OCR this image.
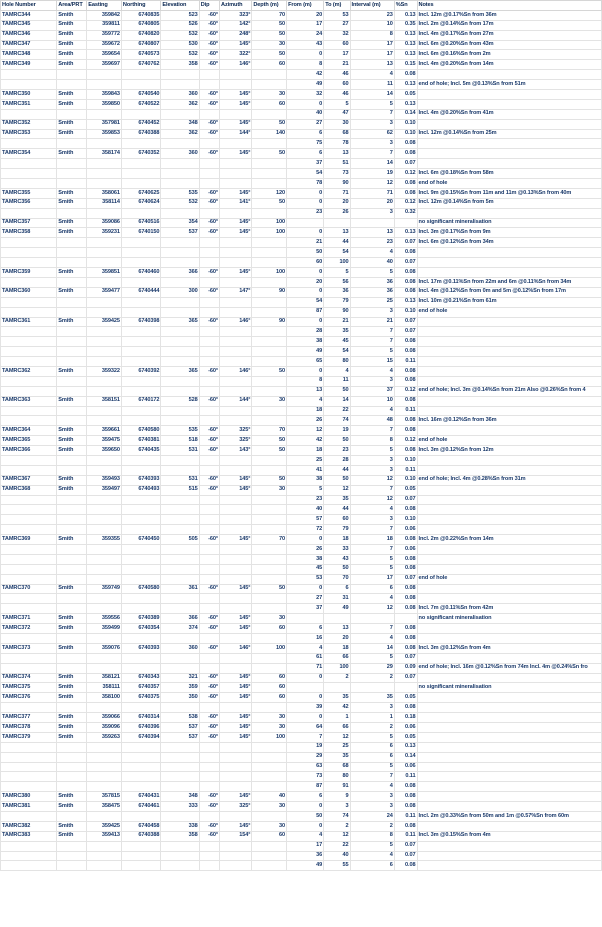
Hole Number	Area/PRT	Easting	Northing	Elevation	Dip	Azimuth	Depth (m)	From (m)	To (m)	Interval (m)	%Sn	Notes
TAMRC344	Smith	359842	6740835	523	-60°	323°	70	20	53	23	0.13	Incl. 12m @0.17%Sn from 36m
TAMRC345	Smith	359811	6740805	526	-60°	142°	50	17	27	10	0.35	Incl. 2m @0.14%Sn from 17m
TAMRC346	Smith	359772	6740820	532	-60°	248°	50	24	32	8	0.13	Incl. 4m @0.17%Sn from 27m
TAMRC347	Smith	359672	6740807	530	-60°	145°	30	43	60	17	0.13	Incl. 6m @0.20%Sn from 43m
TAMRC348	Smith	359654	6740573	532	-60°	322°	50	0	17	17	0.13	Incl. 6m @0.16%Sn from 2m
TAMRC349	Smith	359697	6740762	358	-60°	146°	60	8	21	13	0.15	Incl. 4m @0.20%Sn from 14m
								42	46	4	0.08	
								49	60	11	0.13	end of hole; Incl. 5m @0.13%Sn from 51m
TAMRC350	Smith	359843	6740540	360	-60°	145°	30	32	46	14	0.05	
TAMRC351	Smith	359850	6740522	362	-60°	145°	60	0	5	5	0.13	
								40	47	7	0.14	Incl. 4m @0.20%Sn from 41m
TAMRC352	Smith	357981	6740452	348	-60°	145°	50	27	30	3	0.10	
TAMRC353	Smith	359853	6740388	362	-60°	144°	140	6	68	62	0.10	Incl. 12m @0.14%Sn from 25m
								75	78	3	0.08	
TAMRC354	Smith	358174	6740352	360	-60°	145°	50	6	13	7	0.08	
								37	51	14	0.07	
								54	73	19	0.12	Incl. 6m @0.18%Sn from 58m
								78	90	12	0.08	end of hole
TAMRC355	Smith	358061	6740625	535	-60°	145°	120	0	71	71	0.08	Incl. 9m @0.15%Sn from 11m and 11m @0.13%Sn from 40m
TAMRC356	Smith	358114	6740624	532	-60°	141°	50	0	20	20	0.12	Incl. 12m @0.14%Sn from 5m
								23	26	3	0.32	
TAMRC357	Smith	359086	6740516	354	-60°	145°	100					no significant mineralisation
TAMRC358	Smith	359231	6740150	537	-60°	145°	100	0	13	13	0.13	Incl. 3m @0.17%Sn from 9m
								21	44	23	0.07	Incl. 6m @0.12%Sn from 34m
								50	54	4	0.08	
								60	100	40	0.07	
TAMRC359	Smith	359851	6740460	366	-60°	145°	100	0	5	5	0.08	
								20	56	36	0.08	Incl. 17m @0.11%Sn from 22m and 6m @0.11%Sn from 34m
TAMRC360	Smith	359477	6740444	300	-60°	147°	90	0	36	36	0.08	Incl. 4m @0.12%Sn from 0m and 5m @0.12%Sn from 17m
								54	79	25	0.13	Incl. 10m @0.21%Sn from 61m
								87	90	3	0.10	end of hole
TAMRC361	Smith	359425	6740398	365	-60°	146°	90	0	21	21	0.07	
								28	35	7	0.07	
								38	45	7	0.08	
								49	54	5	0.08	
								65	80	15	0.11	
TAMRC362	Smith	359322	6740392	365	-60°	146°	50	0	4	4	0.08	
								8	11	3	0.08	
								13	50	37	0.12	end of hole; Incl. 3m @0.14%Sn from 21m Also @0.26%Sn from 4
TAMRC363	Smith	358151	6740172	528	-60°	144°	30	4	14	10	0.08	
								18	22	4	0.11	
								26	74	48	0.08	Incl. 16m @0.12%Sn from 36m
TAMRC364	Smith	359661	6740580	535	-60°	325°	70	12	19	7	0.08	
TAMRC365	Smith	359475	6740381	518	-60°	325°	50	42	50	8	0.12	end of hole
TAMRC366	Smith	359650	6740435	531	-60°	143°	50	18	23	5	0.08	Incl. 3m @0.12%Sn from 12m
								25	28	3	0.10	
								41	44	3	0.11	
TAMRC367	Smith	359493	6740393	531	-60°	145°	50	38	50	12	0.10	end of hole; Incl. 4m @0.28%Sn from 31m
TAMRC368	Smith	359497	6740493	515	-60°	145°	30	5	12	7	0.05	
								23	35	12	0.07	
								40	44	4	0.08	
								57	60	3	0.10	
								72	79	7	0.06	
TAMRC369	Smith	359355	6740450	505	-60°	145°	70	0	18	18	0.08	Incl. 2m @0.22%Sn from 14m
								26	33	7	0.06	
								38	43	5	0.08	
								45	50	5	0.08	
								53	70	17	0.07	end of hole
TAMRC370	Smith	359749	6740580	361	-60°	145°	50	0	6	6	0.08	
								27	31	4	0.08	
								37	49	12	0.08	Incl. 7m @0.11%Sn from 42m
TAMRC371	Smith	359556	6740389	366	-60°	145°	30					no significant mineralisation
TAMRC372	Smith	359499	6740354	374	-60°	145°	60	6	13	7	0.08	
								16	20	4	0.08	
TAMRC373	Smith	359076	6740393	360	-60°	146°	100	4	18	14	0.08	Incl. 3m @0.12%Sn from 4m
								61	66	5	0.07	
								71	100	29	0.09	end of hole; Incl. 16m @0.12%Sn from 74m Incl. 4m @0.24%Sn fro
TAMRC374	Smith	358121	6740343	321	-60°	145°	60	0	2	2	0.07	
TAMRC375	Smith	358111	6740357	359	-60°	145°	60					no significant mineralisation
TAMRC376	Smith	358100	6740375	350	-60°	145°	60	0	35	35	0.05	
								39	42	3	0.08	
TAMRC377	Smith	359066	6740314	538	-60°	145°	30	0	1	1	0.18	
TAMRC378	Smith	359096	6740396	537	-60°	145°	30	64	66	2	0.06	
TAMRC379	Smith	359263	6740394	537	-60°	145°	100	7	12	5	0.05	
								19	25	6	0.13	
								29	35	6	0.14	
								63	68	5	0.06	
								73	80	7	0.11	
								87	91	4	0.08	
TAMRC380	Smith	357815	6740431	348	-60°	145°	40	6	9	3	0.08	
TAMRC381	Smith	358475	6740461	333	-60°	325°	30	0	3	3	0.08	
								50	74	24	0.11	Incl. 2m @0.33%Sn from 50m and 1m @0.57%Sn from 60m
TAMRC382	Smith	359425	6740458	338	-60°	145°	30	0	2	2	0.08	
TAMRC383	Smith	359413	6740388	358	-60°	154°	60	4	12	8	0.11	Incl. 3m @0.15%Sn from 4m
								17	22	5	0.07	
								36	40	4	0.07	
								49	55	6	0.08	
